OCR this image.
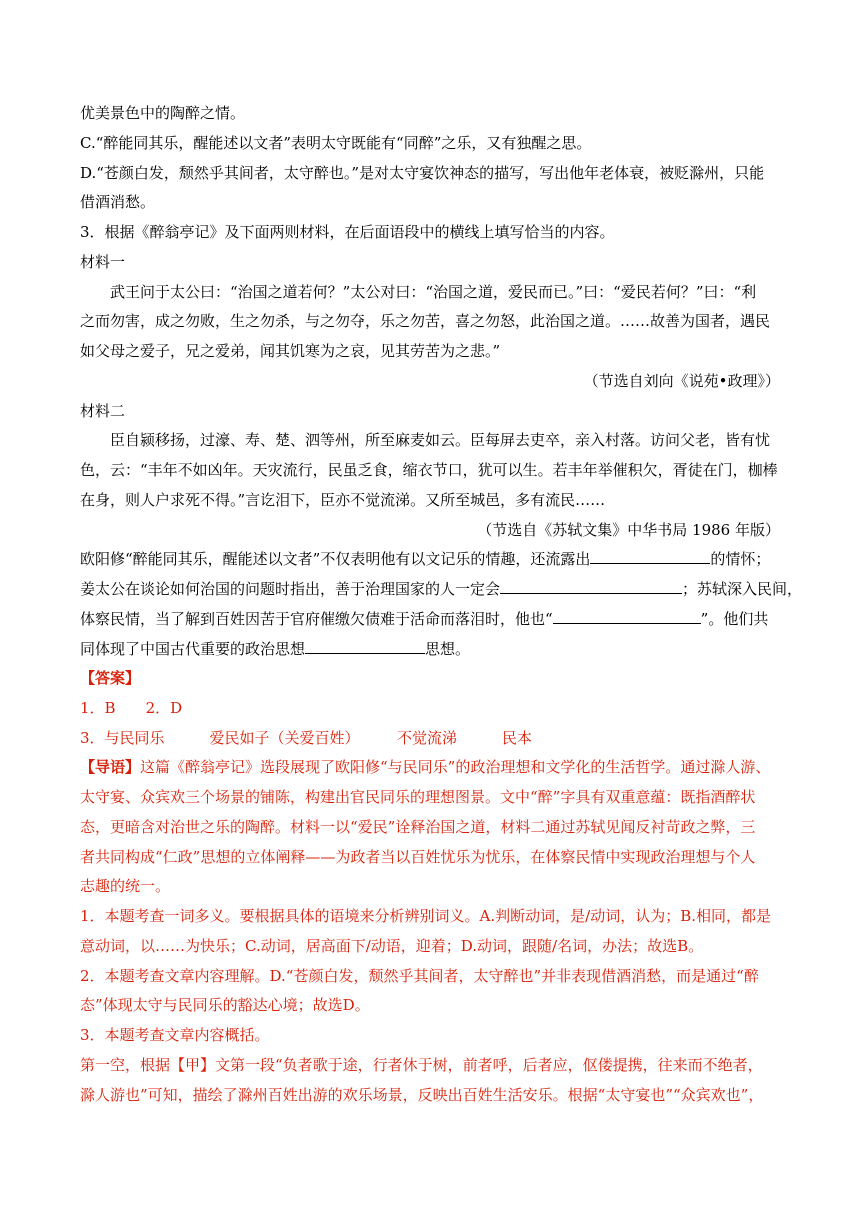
优美景色中的陶醉之情。
C.“醉能同其乐，醒能述以文者”表明太守既能有“同醉”之乐，又有独醒之思。
D.“苍颜白发，颓然乎其间者，太守醉也。”是对太守宴饮神态的描写，写出他年老体衰，被贬滁州，只能
借酒消愁。
3．根据《醉翁亭记》及下面两则材料，在后面语段中的横线上填写恰当的内容。
材料一
武王问于太公曰：“治国之道若何？”太公对曰：“治国之道，爱民而已。”曰：“爱民若何？”曰：“利
之而勿害，成之勿败，生之勿杀，与之勿夺，乐之勿苦，喜之勿怒，此治国之道。……故善为国者，遇民
如父母之爱子，兄之爱弟，闻其饥寒为之哀，见其劳苦为之悲。”
（节选自刘向《说苑•政理》）
材料二
臣自颍移扬，过濠、寿、楚、泗等州，所至麻麦如云。臣每屏去吏卒，亲入村落。访问父老，皆有忧
色，云：“丰年不如凶年。天灾流行，民虽乏食，缩衣节口，犹可以生。若丰年举催积欠，胥徒在门，枷棒
在身，则人户求死不得。”言讫泪下，臣亦不觉流涕。又所至城邑，多有流民……
（节选自《苏轼文集》中华书局 1986 年版）
欧阳修“醉能同其乐，醒能述以文者”不仅表明他有以文记乐的情趣，还流露出	的情怀；
姜太公在谈论如何治国的问题时指出，善于治理国家的人一定会	；苏轼深入民间，
体察民情，当了解到百姓因苦于官府催缴欠债难于活命而落泪时，他也“	”。他们共
同体现了中国古代重要的政治思想	思想。
【答案】
1．B　　2．D
3．与民同乐　　　爱民如子（关爱百姓）　　　不觉流涕　　　民本
【导语】这篇《醉翁亭记》选段展现了欧阳修“与民同乐”的政治理想和文学化的生活哲学。通过滁人游、
太守宴、众宾欢三个场景的铺陈，构建出官民同乐的理想图景。文中“醉”字具有双重意蕴：既指酒醉状
态，更暗含对治世之乐的陶醉。材料一以“爱民”诠释治国之道，材料二通过苏轼见闻反衬苛政之弊，三
者共同构成“仁政”思想的立体阐释——为政者当以百姓忧乐为忧乐，在体察民情中实现政治理想与个人
志趣的统一。
1．本题考查一词多义。要根据具体的语境来分析辨别词义。A.判断动词，是/动词，认为；B.相同，都是
意动词，以……为快乐；C.动词，居高面下/动语，迎着；D.动词，跟随/名词，办法；故选B。
2．本题考查文章内容理解。D.“苍颜白发，颓然乎其间者，太守醉也”并非表现借酒消愁，而是通过“醉
态”体现太守与民同乐的豁达心境；故选D。
3．本题考查文章内容概括。
第一空，根据【甲】文第一段“负者歌于途，行者休于树，前者呼，后者应，伛偻提携，往来而不绝者，
滁人游也”可知，描绘了滁州百姓出游的欢乐场景，反映出百姓生活安乐。根据“太守宴也”“众宾欢也”，
